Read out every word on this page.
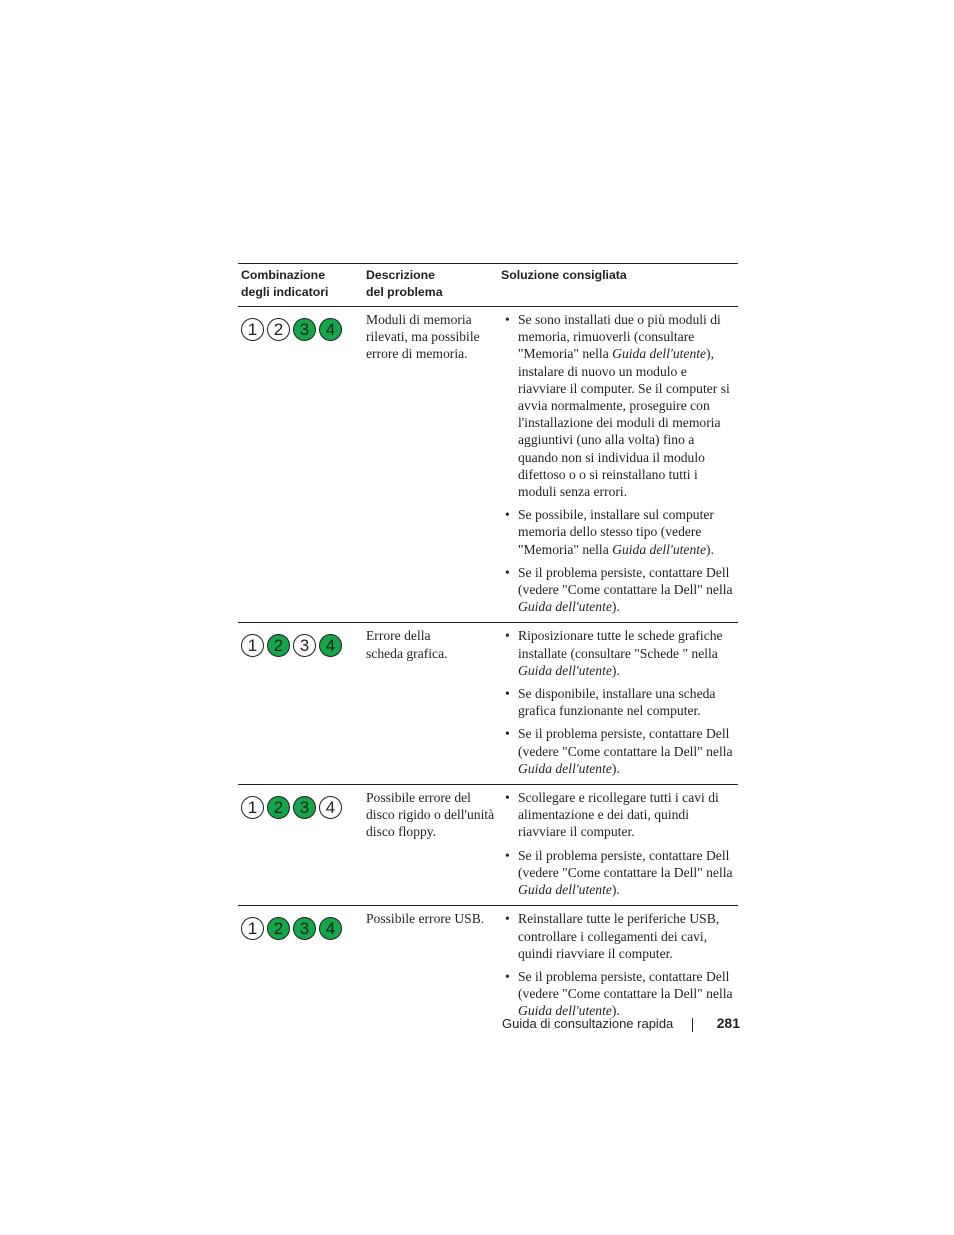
Combinazione
degli indicatori
Descrizione
del problema
Soluzione consigliata
1 2 3 4
Moduli di memoria
rilevati, ma possibile
errore di memoria.
• Se sono installati due o più moduli di memoria, rimuoverli (consultare "Memoria" nella Guida dell'utente), instalare di nuovo un modulo e riavviare il computer. Se il computer si avvia normalmente, proseguire con l'installazione dei moduli di memoria aggiuntivi (uno alla volta) fino a quando non si individua il modulo difettoso o o si reinstallano tutti i moduli senza errori.
• Se possibile, installare sul computer memoria dello stesso tipo (vedere "Memoria" nella Guida dell'utente).
• Se il problema persiste, contattare Dell (vedere "Come contattare la Dell" nella Guida dell'utente).
1 2 3 4
Errore della
scheda grafica.
• Riposizionare tutte le schede grafiche installate (consultare "Schede " nella Guida dell'utente).
• Se disponibile, installare una scheda grafica funzionante nel computer.
• Se il problema persiste, contattare Dell (vedere "Come contattare la Dell" nella Guida dell'utente).
1 2 3 4
Possibile errore del
disco rigido o dell'unità
disco floppy.
• Scollegare e ricollegare tutti i cavi di alimentazione e dei dati, quindi riavviare il computer.
• Se il problema persiste, contattare Dell (vedere "Come contattare la Dell" nella Guida dell'utente).
1 2 3 4
Possibile errore USB.	• Reinstallare tutte le periferiche USB, controllare i collegamenti dei cavi, quindi riavviare il computer.
• Se il problema persiste, contattare Dell (vedere "Come contattare la Dell" nella Guida dell'utente).
Guida di consultazione rapida	281
